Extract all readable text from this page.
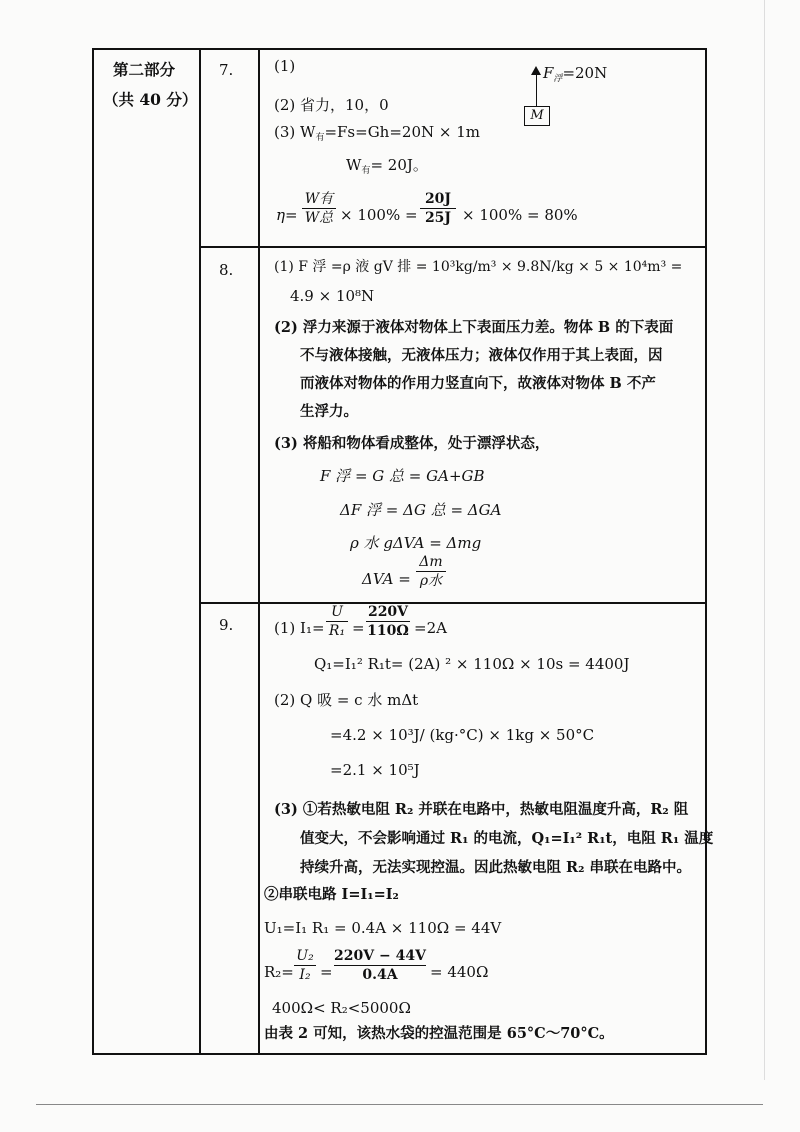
第二部分
（共 40 分）
7.	(1)	$F_浮=20N$
M
(2) 省力，10，0
(3) $W_有=Fs=Gh=20N \times 1m$
$W_有= 20J$。
η=
W有
W总 × 100% =
20J
25J × 100% = 80%
8.	(1) F 浮 =ρ 液 gV 排 = 10³kg/m³ × 9.8N/kg × 5 × 10⁴m³ =
4.9 × 10⁸N
(2) 浮力来源于液体对物体上下表面压力差。物体 B 的下表面
不与液体接触，无液体压力；液体仅作用于其上表面，因
而液体对物体的作用力竖直向下，故液体对物体 B 不产
生浮力。
(3) 将船和物体看成整体，处于漂浮状态，
F 浮 = G 总 = GA+GB
ΔF 浮 = ΔG 总 = ΔGA
ρ 水 gΔVA = Δmg
ΔVA =
Δm
ρ水
9.	(1) I₁=
U
R₁ =
220V
110Ω =2A
Q₁=I₁² R₁t= (2A) ² × 110Ω × 10s = 4400J
(2) Q 吸 = c 水 mΔt
=4.2 × 10³J/ (kg·°C) × 1kg × 50°C
=2.1 × 10⁵J
(3) ①若热敏电阻 R₂ 并联在电路中，热敏电阻温度升高，R₂ 阻
值变大，不会影响通过 R₁ 的电流，Q₁=I₁² R₁t，电阻 R₁ 温度
持续升高，无法实现控温。因此热敏电阻 R₂ 串联在电路中。
②串联电路 I=I₁=I₂
U₁=I₁ R₁ = 0.4A × 110Ω = 44V
R₂=
U₂
I₂ =
220V − 44V
0.4A	= 440Ω
400Ω< R₂<5000Ω
由表 2 可知，该热水袋的控温范围是 65°C～70°C。
